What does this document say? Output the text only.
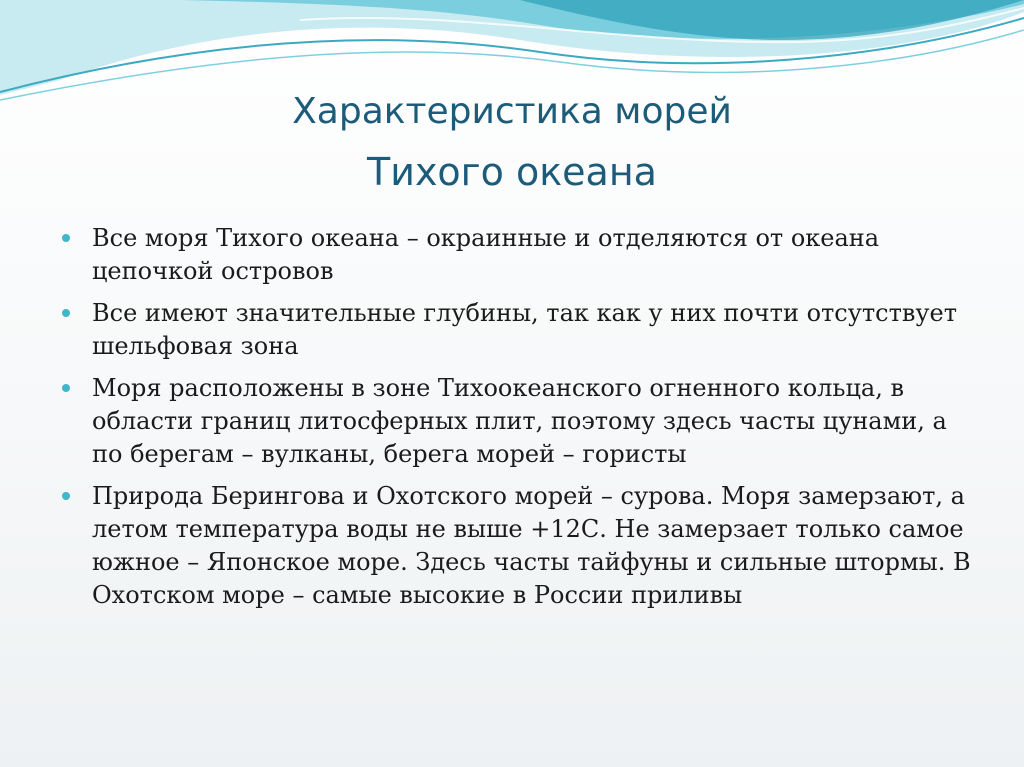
Характеристика морей
Тихого океана
Все моря Тихого океана – окраинные и отделяются от океана цепочкой островов
Все имеют значительные глубины, так как у них почти отсутствует шельфовая зона
Моря расположены в зоне Тихоокеанского огненного кольца, в области границ литосферных плит, поэтому здесь часты цунами, а по берегам – вулканы, берега морей – гористы
Природа Берингова и Охотского морей – сурова. Моря замерзают, а летом температура воды не выше +12С. Не замерзает только самое южное – Японское море. Здесь часты тайфуны и сильные штормы. В Охотском море – самые высокие в России приливы
